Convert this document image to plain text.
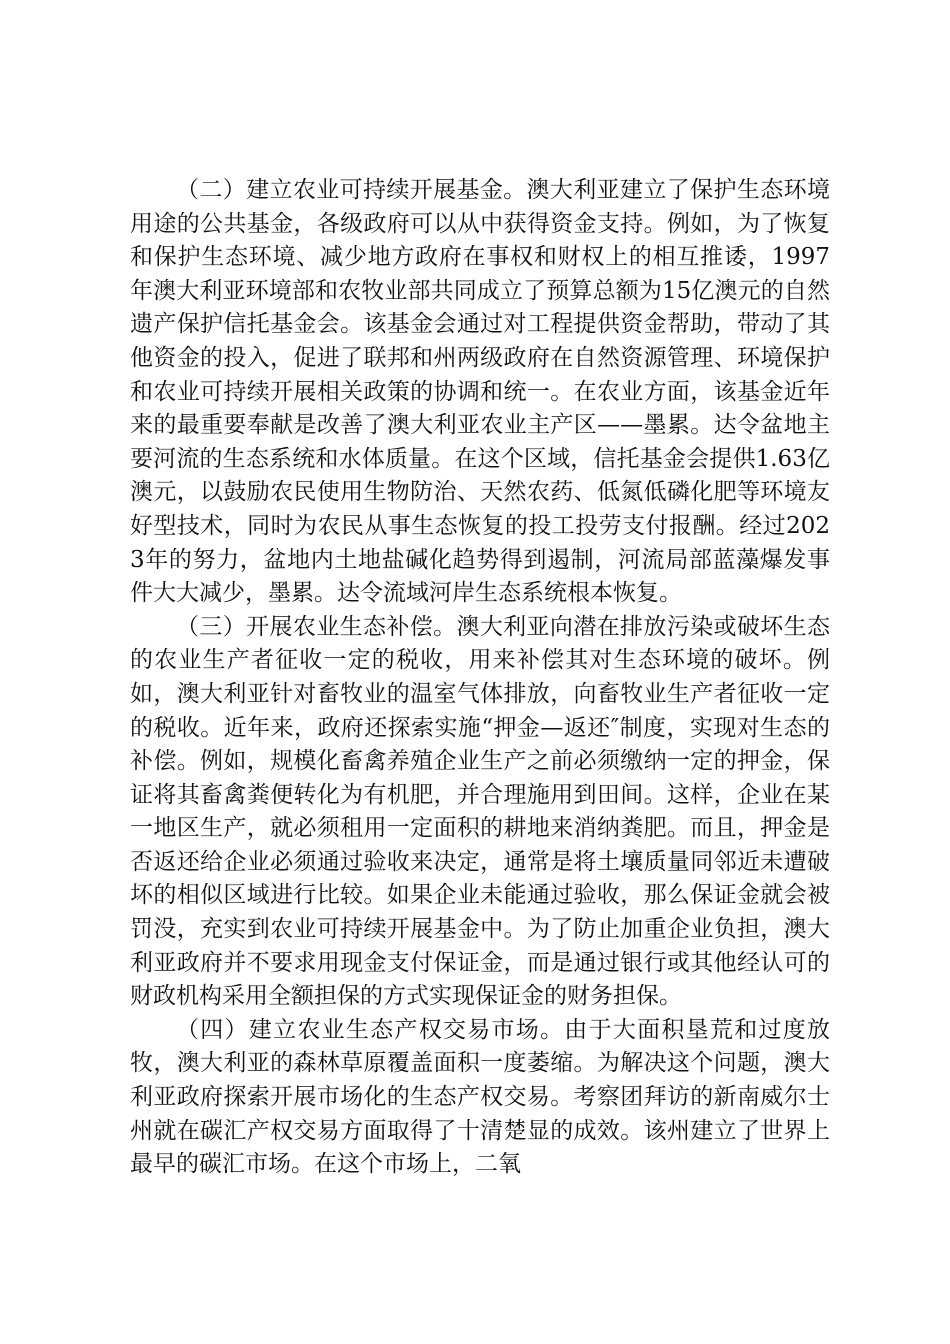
（二）建立农业可持续开展基金。澳大利亚建立了保护生态环境用途的公共基金，各级政府可以从中获得资金支持。例如，为了恢复和保护生态环境、减少地方政府在事权和财权上的相互推诿，1997年澳大利亚环境部和农牧业部共同成立了预算总额为15亿澳元的自然遗产保护信托基金会。该基金会通过对工程提供资金帮助，带动了其他资金的投入，促进了联邦和州两级政府在自然资源管理、环境保护和农业可持续开展相关政策的协调和统一。在农业方面，该基金近年来的最重要奉献是改善了澳大利亚农业主产区——墨累。达令盆地主要河流的生态系统和水体质量。在这个区域，信托基金会提供1.63亿澳元，以鼓励农民使用生物防治、天然农药、低氮低磷化肥等环境友好型技术，同时为农民从事生态恢复的投工投劳支付报酬。经过2023年的努力，盆地内土地盐碱化趋势得到遏制，河流局部蓝藻爆发事件大大减少，墨累。达令流域河岸生态系统根本恢复。

（三）开展农业生态补偿。澳大利亚向潜在排放污染或破坏生态的农业生产者征收一定的税收，用来补偿其对生态环境的破坏。例如，澳大利亚针对畜牧业的温室气体排放，向畜牧业生产者征收一定的税收。近年来，政府还探索实施“押金—返还″制度，实现对生态的补偿。例如，规模化畜禽养殖企业生产之前必须缴纳一定的押金，保证将其畜禽粪便转化为有机肥，并合理施用到田间。这样，企业在某一地区生产，就必须租用一定面积的耕地来消纳粪肥。而且，押金是否返还给企业必须通过验收来决定，通常是将土壤质量同邻近未遭破坏的相似区域进行比较。如果企业未能通过验收，那么保证金就会被罚没，充实到农业可持续开展基金中。为了防止加重企业负担，澳大利亚政府并不要求用现金支付保证金，而是通过银行或其他经认可的财政机构采用全额担保的方式实现保证金的财务担保。

（四）建立农业生态产权交易市场。由于大面积垦荒和过度放牧，澳大利亚的森林草原覆盖面积一度萎缩。为解决这个问题，澳大利亚政府探索开展市场化的生态产权交易。考察团拜访的新南威尔士州就在碳汇产权交易方面取得了十清楚显的成效。该州建立了世界上最早的碳汇市场。在这个市场上，二氧
